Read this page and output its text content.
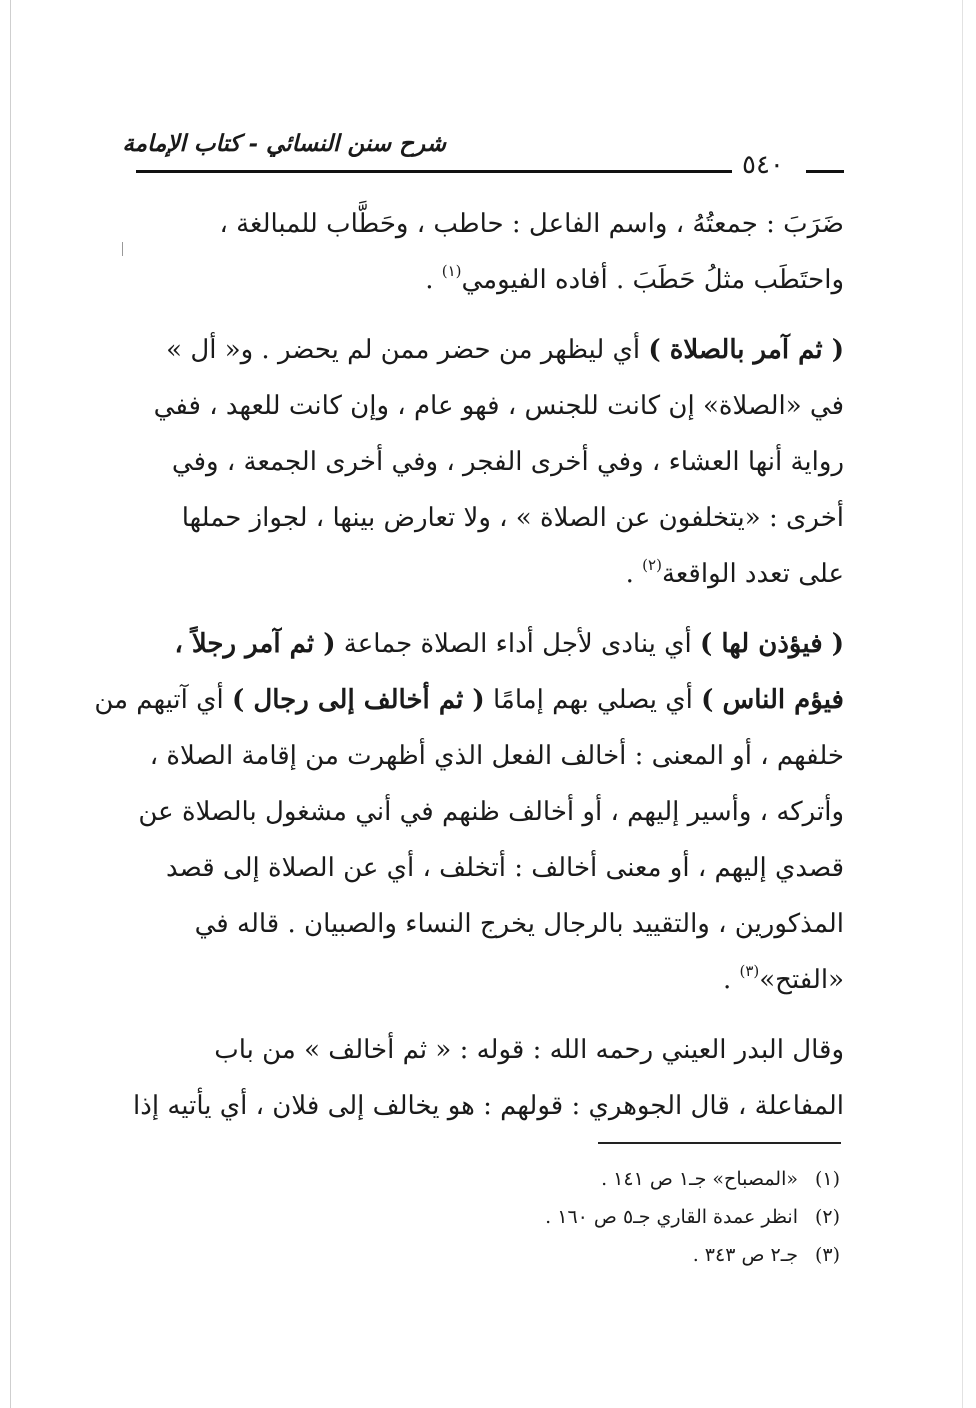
شرح سنن النسائي - كتاب الإمامة
٥٤٠
ضَرَبَ : جمعتُهُ ، واسم الفاعل : حاطب ، وحَطَّاب للمبالغة ،
واحتَطَب مثلُ حَطَبَ . أفاده الفيومي$^{(١)}$ .
( ثم آمر بالصلاة ) أي ليظهر من حضر ممن لم يحضر . و« أل »
في «الصلاة» إن كانت للجنس ، فهو عام ، وإن كانت للعهد ، ففي
رواية أنها العشاء ، وفي أخرى الفجر ، وفي أخرى الجمعة ، وفي
أخرى : «يتخلفون عن الصلاة » ، ولا تعارض بينها ، لجواز حملها
على تعدد الواقعة$^{(٢)}$ .
( فيؤذن لها ) أي ينادى لأجل أداء الصلاة جماعة ( ثم آمر رجلاً ،
فيؤم الناس ) أي يصلي بهم إمامًا ( ثم أخالف إلى رجال ) أي آتيهم من
خلفهم ، أو المعنى : أخالف الفعل الذي أظهرت من إقامة الصلاة ،
وأتركه ، وأسير إليهم ، أو أخالف ظنهم في أني مشغول بالصلاة عن
قصدي إليهم ، أو معنى أخالف : أتخلف ، أي عن الصلاة إلى قصد
المذكورين ، والتقييد بالرجال يخرج النساء والصبيان . قاله في
«الفتح»$^{(٣)}$ .
وقال البدر العيني رحمه الله : قوله : « ثم أخالف » من باب
المفاعلة ، قال الجوهري : قولهم : هو يخالف إلى فلان ، أي يأتيه إذا
(١)«المصباح» جـ١ ص ١٤١ .
(٢)انظر عمدة القاري جـ٥ ص ١٦٠ .
(٣)جـ٢ ص ٣٤٣ .
